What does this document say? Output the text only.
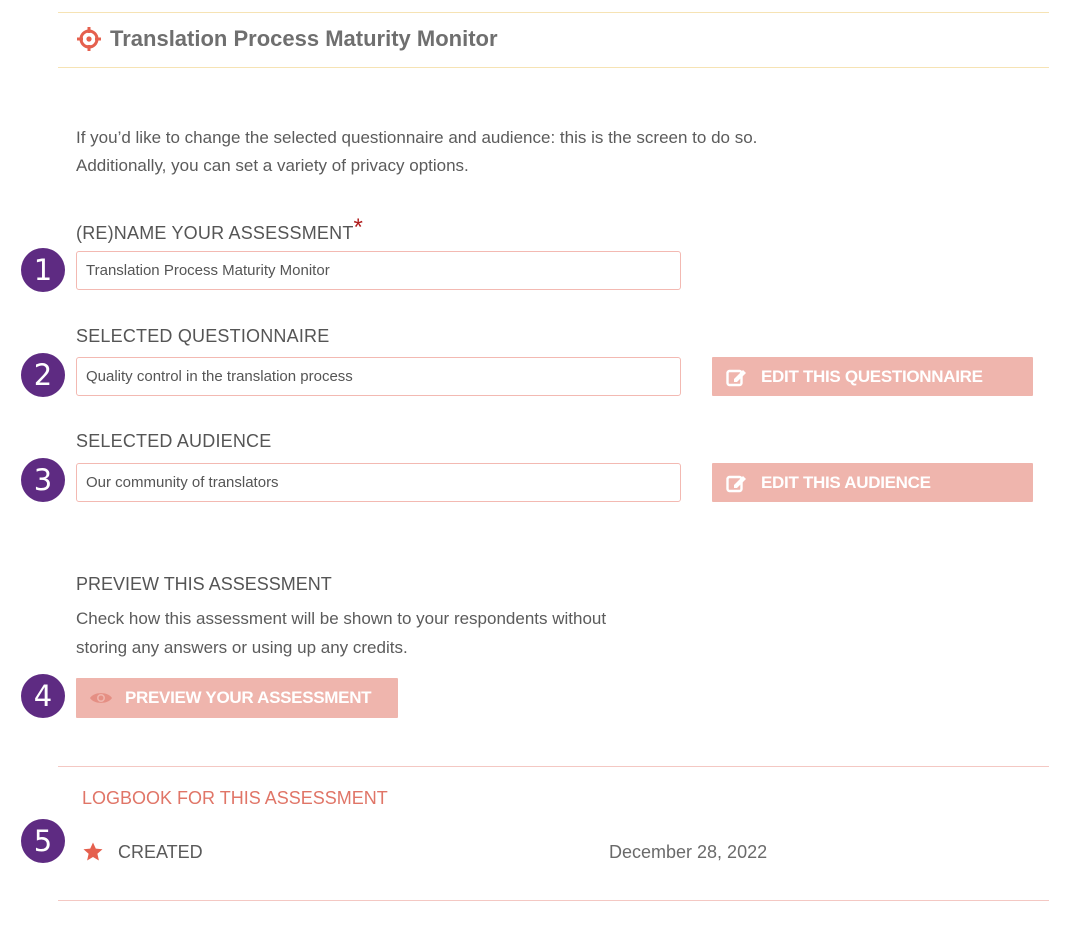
Translation Process Maturity Monitor

If you’d like to change the selected questionnaire and audience: this is the screen to do so.

Additionally, you can set a variety of privacy options.

(RE)NAME YOUR ASSESSMENT*
1
Translation Process Maturity Monitor
SELECTED QUESTIONNAIRE
2
Quality control in the translation process	EDIT THIS QUESTIONNAIRE
SELECTED AUDIENCE
3
Our community of translators	EDIT THIS AUDIENCE
PREVIEW THIS ASSESSMENT
Check how this assessment will be shown to your respondents without
storing any answers or using up any credits.
4	PREVIEW YOUR ASSESSMENT
LOGBOOK FOR THIS ASSESSMENT
5	CREATED	December 28, 2022
